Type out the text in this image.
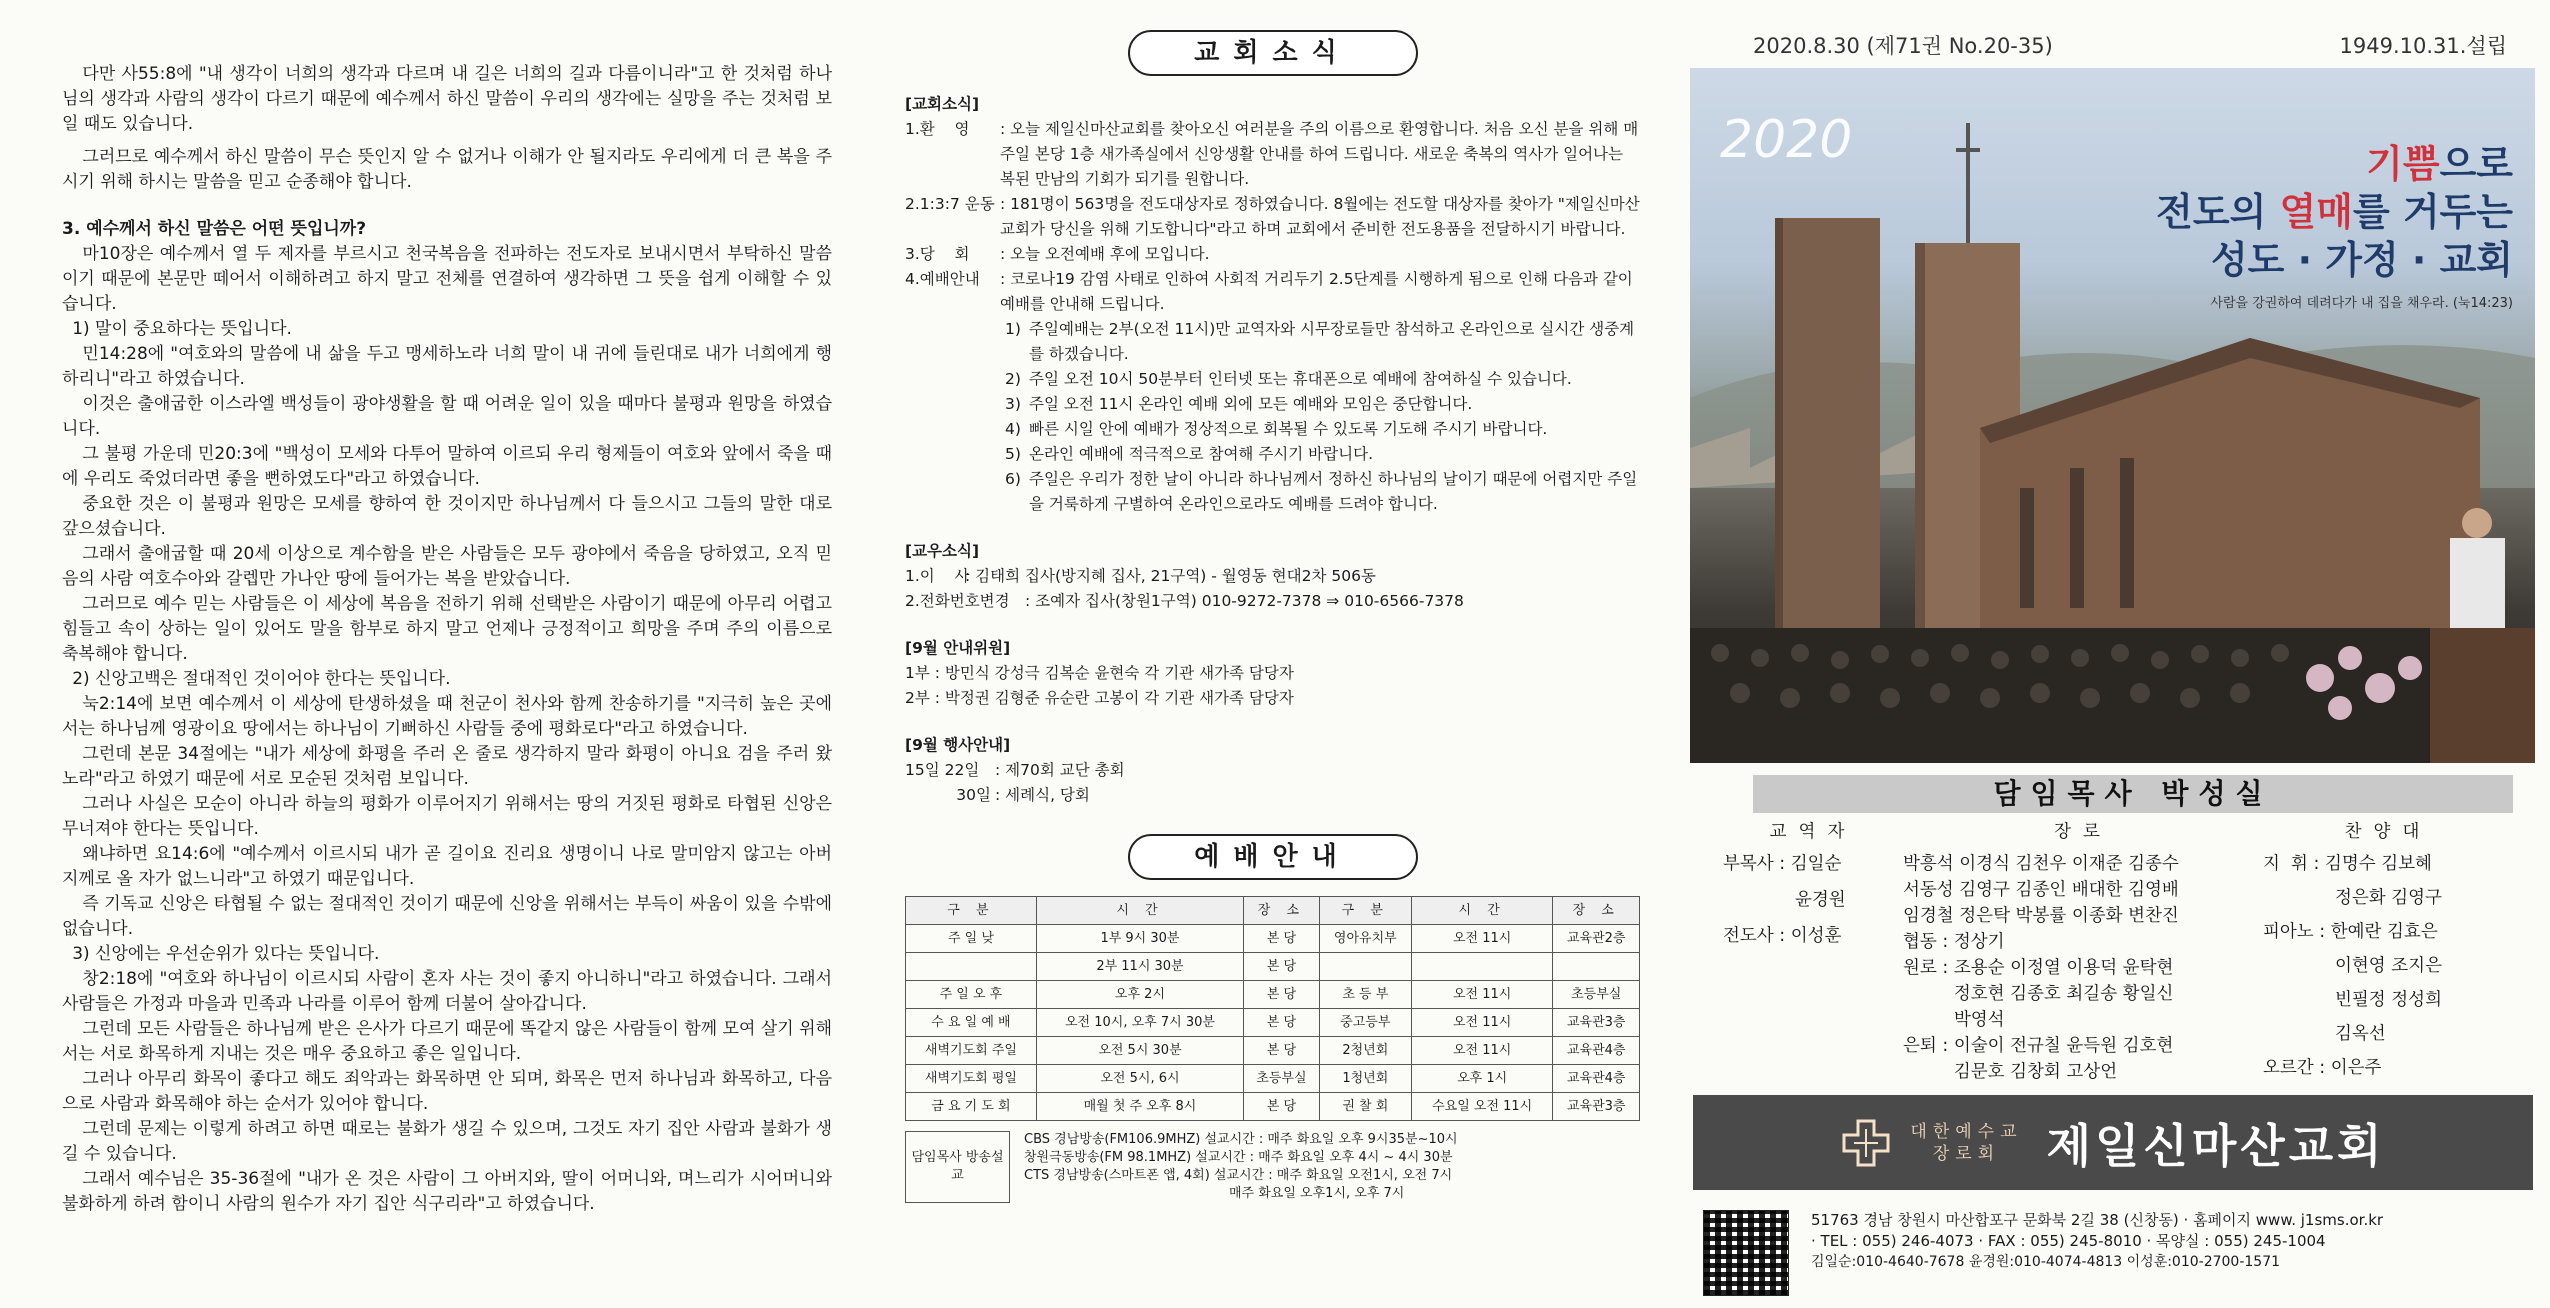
다만 사55:8에 "내 생각이 너희의 생각과 다르며 내 길은 너희의 길과 다름이니라"고 한 것처럼 하나님의 생각과 사람의 생각이 다르기 때문에 예수께서 하신 말씀이 우리의 생각에는 실망을 주는 것처럼 보일 때도 있습니다.

그러므로 예수께서 하신 말씀이 무슨 뜻인지 알 수 없거나 이해가 안 될지라도 우리에게 더 큰 복을 주시기 위해 하시는 말씀을 믿고 순종해야 합니다.

3. 예수께서 하신 말씀은 어떤 뜻입니까?

마10장은 예수께서 열 두 제자를 부르시고 천국복음을 전파하는 전도자로 보내시면서 부탁하신 말씀이기 때문에 본문만 떼어서 이해하려고 하지 말고 전체를 연결하여 생각하면 그 뜻을 쉽게 이해할 수 있습니다.

1) 말이 중요하다는 뜻입니다.

민14:28에 "여호와의 말씀에 내 삶을 두고 맹세하노라 너희 말이 내 귀에 들린대로 내가 너희에게 행하리니"라고 하였습니다.

이것은 출애굽한 이스라엘 백성들이 광야생활을 할 때 어려운 일이 있을 때마다 불평과 원망을 하였습니다.

그 불평 가운데 민20:3에 "백성이 모세와 다투어 말하여 이르되 우리 형제들이 여호와 앞에서 죽을 때에 우리도 죽었더라면 좋을 뻔하였도다"라고 하였습니다.

중요한 것은 이 불평과 원망은 모세를 향하여 한 것이지만 하나님께서 다 들으시고 그들의 말한 대로 갚으셨습니다.

그래서 출애굽할 때 20세 이상으로 계수함을 받은 사람들은 모두 광야에서 죽음을 당하였고, 오직 믿음의 사람 여호수아와 갈렙만 가나안 땅에 들어가는 복을 받았습니다.

그러므로 예수 믿는 사람들은 이 세상에 복음을 전하기 위해 선택받은 사람이기 때문에 아무리 어렵고 힘들고 속이 상하는 일이 있어도 말을 함부로 하지 말고 언제나 긍정적이고 희망을 주며 주의 이름으로 축복해야 합니다.

2) 신앙고백은 절대적인 것이어야 한다는 뜻입니다.

눅2:14에 보면 예수께서 이 세상에 탄생하셨을 때 천군이 천사와 함께 찬송하기를 "지극히 높은 곳에서는 하나님께 영광이요 땅에서는 하나님이 기뻐하신 사람들 중에 평화로다"라고 하였습니다.

그런데 본문 34절에는 "내가 세상에 화평을 주러 온 줄로 생각하지 말라 화평이 아니요 검을 주러 왔노라"라고 하였기 때문에 서로 모순된 것처럼 보입니다.

그러나 사실은 모순이 아니라 하늘의 평화가 이루어지기 위해서는 땅의 거짓된 평화로 타협된 신앙은 무너져야 한다는 뜻입니다.

왜냐하면 요14:6에 "예수께서 이르시되 내가 곧 길이요 진리요 생명이니 나로 말미암지 않고는 아버지께로 올 자가 없느니라"고 하였기 때문입니다.

즉 기독교 신앙은 타협될 수 없는 절대적인 것이기 때문에 신앙을 위해서는 부득이 싸움이 있을 수밖에 없습니다.

3) 신앙에는 우선순위가 있다는 뜻입니다.

창2:18에 "여호와 하나님이 이르시되 사람이 혼자 사는 것이 좋지 아니하니"라고 하였습니다. 그래서 사람들은 가정과 마을과 민족과 나라를 이루어 함께 더불어 살아갑니다.

그런데 모든 사람들은 하나님께 받은 은사가 다르기 때문에 똑같지 않은 사람들이 함께 모여 살기 위해서는 서로 화목하게 지내는 것은 매우 중요하고 좋은 일입니다.

그러나 아무리 화목이 좋다고 해도 죄악과는 화목하면 안 되며, 화목은 먼저 하나님과 화목하고, 다음으로 사람과 화목해야 하는 순서가 있어야 합니다.

그런데 문제는 이렇게 하려고 하면 때로는 불화가 생길 수 있으며, 그것도 자기 집안 사람과 불화가 생길 수 있습니다.

그래서 예수님은 35-36절에 "내가 온 것은 사람이 그 아버지와, 딸이 어머니와, 며느리가 시어머니와 불화하게 하려 함이니 사람의 원수가 자기 집안 식구리라"고 하였습니다.

교회소식
[교회소식]
1.환    영	: 오늘 제일신마산교회를 찾아오신 여러분을 주의 이름으로 환영합니다. 처음 오신 분을 위해 매주일 본당 1층 새가족실에서 신앙생활 안내를 하여 드립니다. 새로운 축복의 역사가 일어나는 복된 만남의 기회가 되기를 원합니다.
2.1:3:7 운동 : 181명이 563명을 전도대상자로 정하였습니다. 8월에는 전도할 대상자를 찾아가 "제일신마산교회가 당신을 위해 기도합니다"라고 하며 교회에서 준비한 전도용품을 전달하시기 바랍니다.
3.당    회	: 오늘 오전예배 후에 모입니다.
4.예배안내	: 코로나19 감염 사태로 인하여 사회적 거리두기 2.5단계를 시행하게 됨으로 인해 다음과 같이 예배를 안내해 드립니다.
1) 주일예배는 2부(오전 11시)만 교역자와 시무장로들만 참석하고 온라인으로 실시간 생중계를 하겠습니다.
2) 주일 오전 10시 50분부터 인터넷 또는 휴대폰으로 예배에 참여하실 수 있습니다.
3) 주일 오전 11시 온라인 예배 외에 모든 예배와 모임은 중단합니다.
4) 빠른 시일 안에 예배가 정상적으로 회복될 수 있도록 기도해 주시기 바랍니다.
5) 온라인 예배에 적극적으로 참여해 주시기 바랍니다.
6) 주일은 우리가 정한 날이 아니라 하나님께서 정하신 하나님의 날이기 때문에 어렵지만 주일을 거룩하게 구별하여 온라인으로라도 예배를 드려야 합니다.
[교우소식]
1.이    사
: 김태희 집사(방지혜 집사, 21구역) - 월영동 현대2차 506동
2.전화번호변경 : 조예자 집사(창원1구역) 010-9272-7378 ⇒ 010-6566-7378
[9월 안내위원]
1부 : 방민식 강성극 김복순 윤현숙 각 기관 새가족 담당자
2부 : 박정권 김형준 유순란 고봉이 각 기관 새가족 담당자
[9월 행사안내]
15일 22일	: 제70회 교단 총회
30일 : 세례식, 당회
예배안내
구 분	시 간	장 소	구 분	시 간	장 소
주 일 낮	1부 9시 30분	본 당	영아유치부	오전 11시	교육관2층
	2부 11시 30분	본 당			
주 일 오 후	오후 2시	본 당	초 등 부	오전 11시	초등부실
수 요 일 예 배	오전 10시, 오후 7시 30분	본 당	중고등부	오전 11시	교육관3층
새벽기도회 주일	오전 5시 30분	본 당	2청년회	오전 11시	교육관4층
새벽기도회 평일	오전 5시, 6시	초등부실	1청년회	오후 1시	교육관4층
금 요 기 도 회	매월 첫 주 오후 8시	본 당	권 찰 회	수요일 오전 11시	교육관3층
담임목사 방송설교
CBS 경남방송(FM106.9MHZ) 설교시간 : 매주 화요일 오후 9시35분~10시
창원극동방송(FM 98.1MHZ) 설교시간 : 매주 화요일 오후 4시 ~ 4시 30분
CTS 경남방송(스마트폰 앱, 4회) 설교시간 : 매주 화요일 오전1시, 오전 7시
매주 화요일 오후1시, 오후 7시
2020.8.30 (제71권 No.20-35)	1949.10.31.설립
2020	기쁨으로
전도의 열매를 거두는
성도 · 가정 · 교회
사람을 강권하여 데려다가 내 집을 채우라. (눅14:23)
담임목사 박성실
교역자
부목사 : 김일순
윤경원
전도사 : 이성훈
장로
박흥석 이경식 김천우 이재준 김종수
서동성 김영구 김종인 배대한 김영배
임경철 정은탁 박봉률 이종화 변찬진
협동 : 정상기
원로 : 조용순 이정열 이용덕 윤탁현
정호현 김종호 최길송 황일신
박영석
은퇴 : 이술이 전규칠 윤득원 김호현
김문호 김창회 고상언
찬양대
지  휘 : 김명수 김보혜
정은화 김영구
피아노 : 한예란 김효은
이현영 조지은
빈필정 정성희
김옥선
오르간 : 이은주
대한예수교
장로회	제일신마산교회
51763 경남 창원시 마산합포구 문화북 2길 38 (신창동) · 홈페이지 www. j1sms.or.kr
· TEL : 055) 246-4073 · FAX : 055) 245-8010 · 목양실 : 055) 245-1004
김일순:010-4640-7678 윤경원:010-4074-4813 이성훈:010-2700-1571
